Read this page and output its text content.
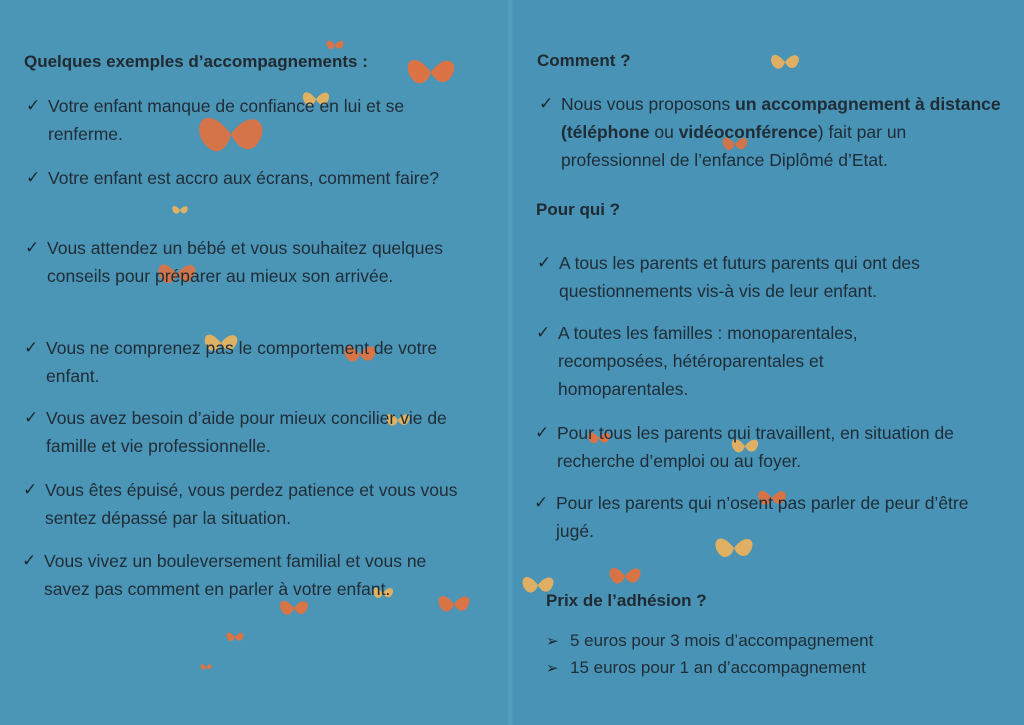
Quelques exemples d’accompagnements :

✓ Votre enfant manque de confiance en lui et se renferme.
✓ Votre enfant est accro aux écrans, comment faire?
✓ Vous attendez un bébé et vous souhaitez quelques conseils pour préparer au mieux son arrivée.
✓ Vous ne comprenez pas le comportement de votre enfant.
✓ Vous avez besoin d’aide pour mieux concilier vie de famille et vie professionnelle.
✓ Vous êtes épuisé, vous perdez patience et vous vous sentez dépassé par la situation.
✓ Vous vivez un bouleversement familial et vous ne savez pas comment en parler à votre enfant.

Comment ?

✓ Nous vous proposons un accompagnement à distance (téléphone ou vidéoconférence) fait par un professionnel de l’enfance Diplômé d’Etat.

Pour qui ?

✓ A tous les parents et futurs parents qui ont des questionnements vis-à vis de leur enfant.
✓ A toutes les familles : monoparentales, recomposées, hétéroparentales et homoparentales.
✓ Pour tous les parents qui travaillent, en situation de recherche d’emploi ou au foyer.
✓ Pour les parents qui n’osent pas parler de peur d’être jugé.

Prix de l’adhésion ?

➢ 5 euros pour 3 mois d’accompagnement
➢ 15 euros pour 1 an d’accompagnement
